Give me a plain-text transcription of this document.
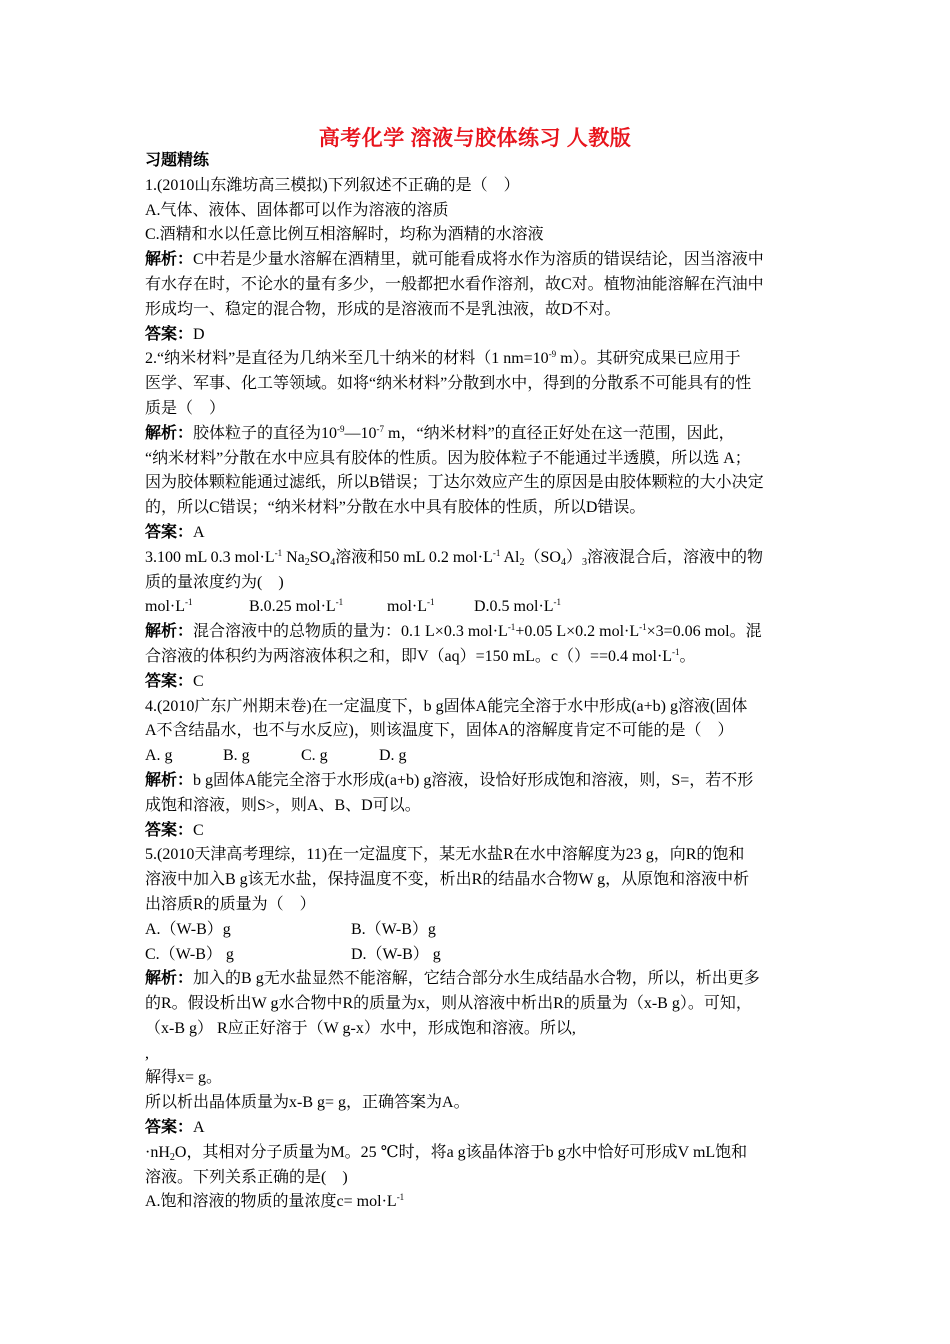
高考化学 溶液与胶体练习 人教版
习题精练
1.(2010山东潍坊高三模拟)下列叙述不正确的是（　）
A.气体、液体、固体都可以作为溶液的溶质
C.酒精和水以任意比例互相溶解时，均称为酒精的水溶液
解析：C中若是少量水溶解在酒精里，就可能看成将水作为溶质的错误结论，因当溶液中
有水存在时，不论水的量有多少，一般都把水看作溶剂，故C对。植物油能溶解在汽油中
形成均一、稳定的混合物，形成的是溶液而不是乳浊液，故D不对。
答案：D
2.“纳米材料”是直径为几纳米至几十纳米的材料（1 $nm=10^{-9}$ m）。其研究成果已应用于
医学、军事、化工等领域。如将“纳米材料”分散到水中，得到的分散系不可能具有的性
质是（　）
解析：胶体粒子的直径为$10^{-9}—10^{-7}$ m，“纳米材料”的直径正好处在这一范围，因此，
“纳米材料”分散在水中应具有胶体的性质。因为胶体粒子不能通过半透膜，所以选 A；
因为胶体颗粒能通过滤纸，所以B错误；丁达尔效应产生的原因是由胶体颗粒的大小决定
的，所以C错误；“纳米材料”分散在水中具有胶体的性质，所以D错误。
答案：A
3.100 mL 0.3 $mol\cdot L^{-1}$ $Na_2SO_4$溶液和50 mL 0.2 $mol\cdot L^{-1}$ $Al_2(SO_4)_3$溶液混合后，溶液中的物
质的量浓度约为(　)
$mol\cdot L^{-1}$	B.0.25 $mol\cdot L^{-1}$	$mol\cdot L^{-1}$ D.0.5 $mol\cdot L^{-1}$
解析：混合溶液中的总物质的量为：0.1 L×0.3 $mol\cdot L^{-1}+0.05$ L×0.2 $mol\cdot L^{-1}\times 3=0.06$ mol。混
合溶液的体积约为两溶液体积之和，即V（aq）=150 mL。c（）==0.4 $mol\cdot L^{-1}$。
答案：C
4.(2010广东广州期末卷)在一定温度下，b g固体A能完全溶于水中形成(a+b) g溶液(固体
A不含结晶水，也不与水反应)，则该温度下，固体A的溶解度肯定不可能的是（　）
A. g	B. g	C. g	D. g
解析：b g固体A能完全溶于水形成(a+b) g溶液，设恰好形成饱和溶液，则，S=，若不形
成饱和溶液，则S>，则A、B、D可以。
答案：C
5.(2010天津高考理综，11)在一定温度下，某无水盐R在水中溶解度为23 g，向R的饱和
溶液中加入B g该无水盐，保持温度不变，析出R的结晶水合物W g，从原饱和溶液中析
出溶质R的质量为（　）
A.（W-B）g	B.（W-B）g
C.（W-B） g	D.（W-B） g
解析：加入的B g无水盐显然不能溶解，它结合部分水生成结晶水合物，所以，析出更多
的R。假设析出W g水合物中R的质量为x，则从溶液中析出R的质量为（x-B g）。可知，
（x-B g） R应正好溶于（W g-x）水中，形成饱和溶液。所以,
,
解得x= g。
所以析出晶体质量为x-B g= g，正确答案为A。
答案：A
$\cdot nH_2O$，其相对分子质量为M。25 ℃时，将a g该晶体溶于b g水中恰好可形成V mL饱和
溶液。下列关系正确的是(　)
A.饱和溶液的物质的量浓度$c= mol\cdot L^{-1}$
